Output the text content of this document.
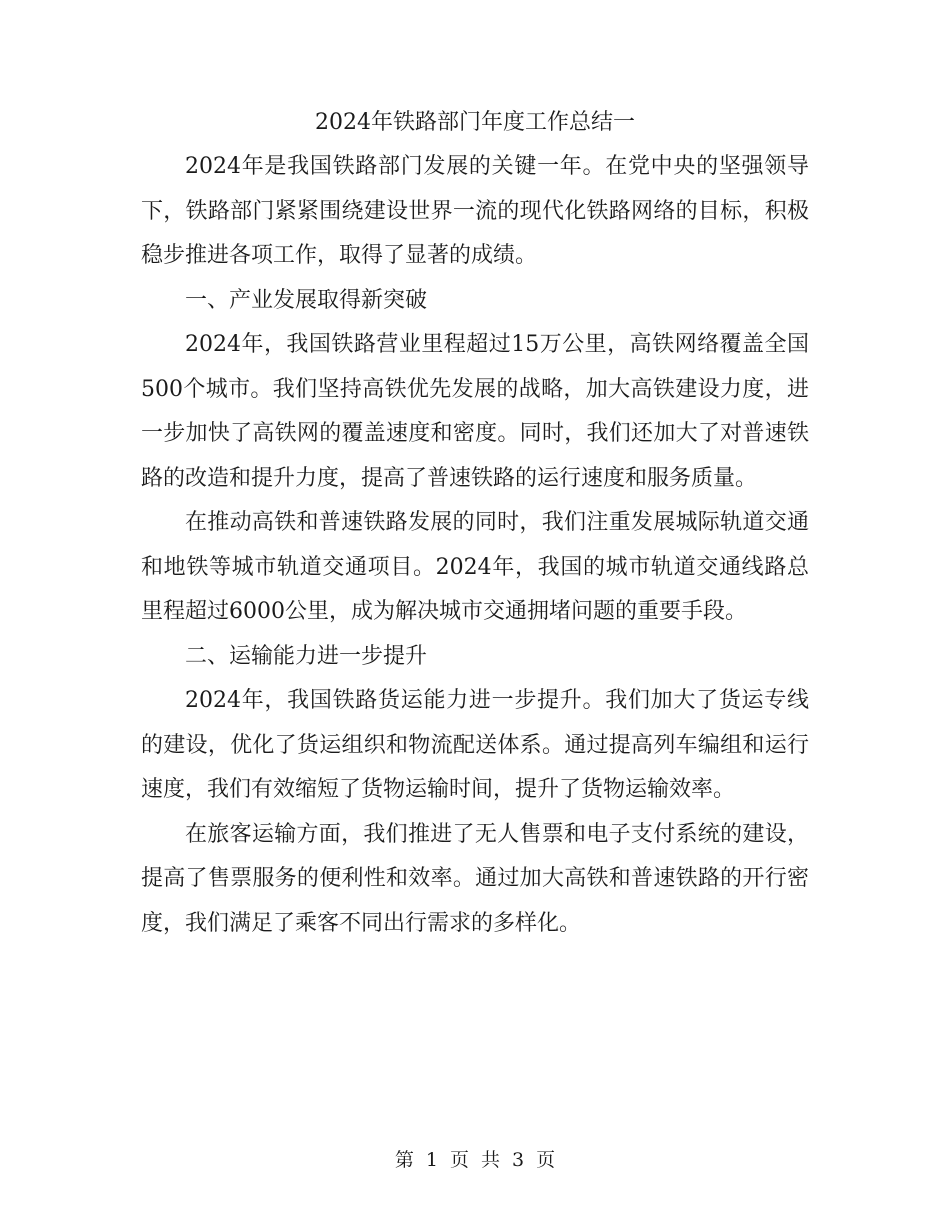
2024年铁路部门年度工作总结一

2024年是我国铁路部门发展的关键一年。在党中央的坚强领导下，铁路部门紧紧围绕建设世界一流的现代化铁路网络的目标，积极稳步推进各项工作，取得了显著的成绩。

一、产业发展取得新突破

2024年，我国铁路营业里程超过15万公里，高铁网络覆盖全国500个城市。我们坚持高铁优先发展的战略，加大高铁建设力度，进一步加快了高铁网的覆盖速度和密度。同时，我们还加大了对普速铁路的改造和提升力度，提高了普速铁路的运行速度和服务质量。

在推动高铁和普速铁路发展的同时，我们注重发展城际轨道交通和地铁等城市轨道交通项目。2024年，我国的城市轨道交通线路总里程超过6000公里，成为解决城市交通拥堵问题的重要手段。

二、运输能力进一步提升

2024年，我国铁路货运能力进一步提升。我们加大了货运专线的建设，优化了货运组织和物流配送体系。通过提高列车编组和运行速度，我们有效缩短了货物运输时间，提升了货物运输效率。

在旅客运输方面，我们推进了无人售票和电子支付系统的建设，提高了售票服务的便利性和效率。通过加大高铁和普速铁路的开行密度，我们满足了乘客不同出行需求的多样化。

第 1 页 共 3 页
